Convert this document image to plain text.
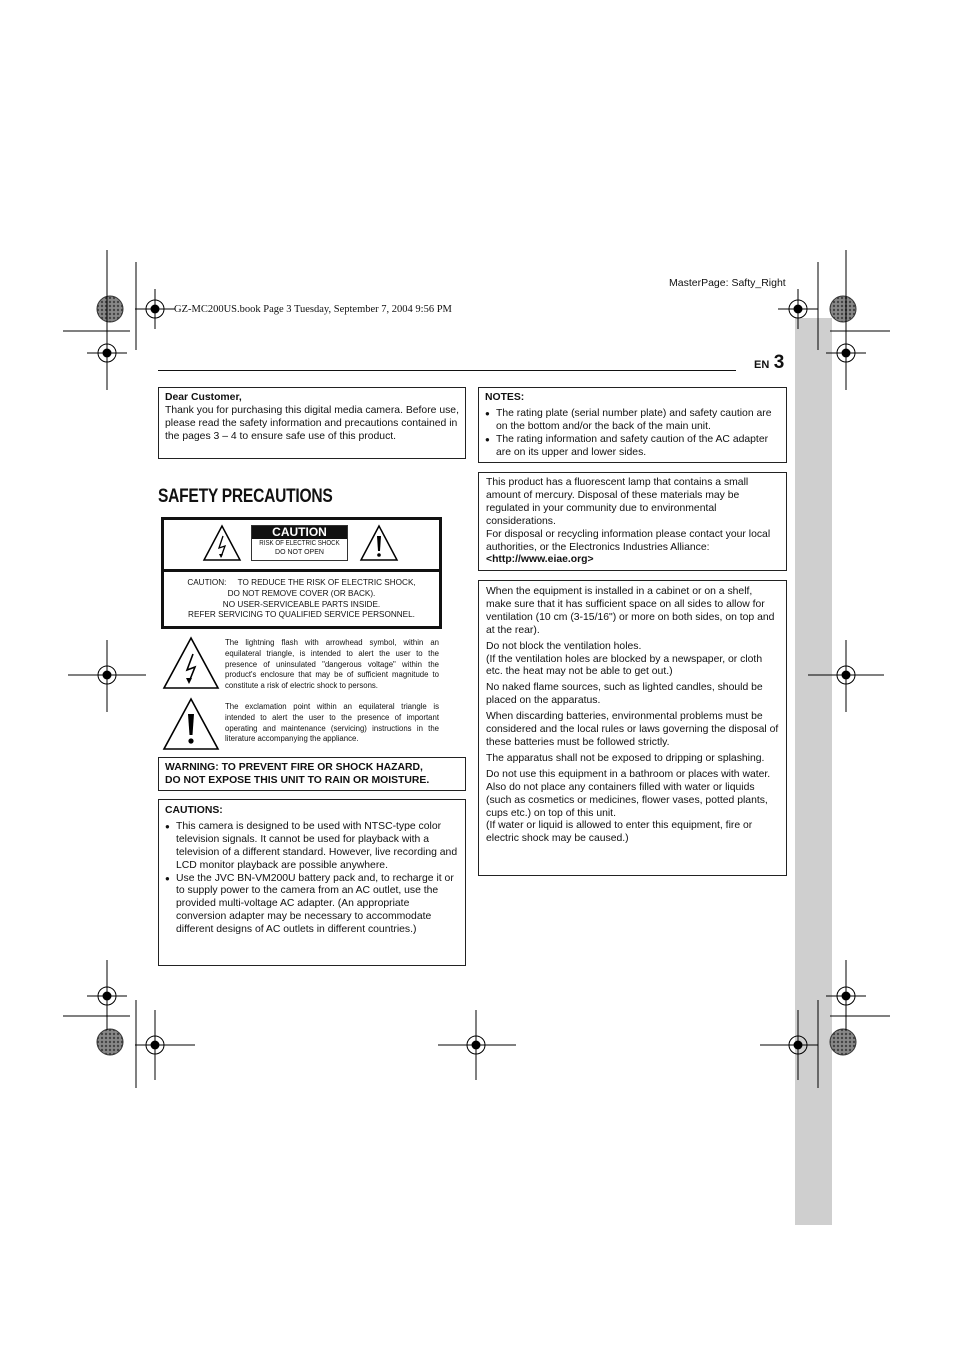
MasterPage: Safty_Right
GZ-MC200US.book Page 3 Tuesday, September 7, 2004 9:56 PM
EN 3

Dear Customer,

Thank you for purchasing this digital media camera. Before use, please read the safety information and precautions contained in the pages 3 – 4 to ensure safe use of this product.

SAFETY PRECAUTIONS
CAUTION
RISK OF ELECTRIC SHOCK
DO NOT OPEN
CAUTION:     TO REDUCE THE RISK OF ELECTRIC SHOCK,
DO NOT REMOVE COVER (OR BACK).
NO USER-SERVICEABLE PARTS INSIDE.
REFER SERVICING TO QUALIFIED SERVICE PERSONNEL.
The lightning flash with arrowhead symbol, within an equilateral triangle, is intended to alert the user to the presence of uninsulated "dangerous voltage" within the product's enclosure that may be of sufficient magnitude to constitute a risk of electric shock to persons.
The exclamation point within an equilateral triangle is intended to alert the user to the presence of important operating and maintenance (servicing) instructions in the literature accompanying the appliance.
WARNING: TO PREVENT FIRE OR SHOCK HAZARD,
DO NOT EXPOSE THIS UNIT TO RAIN OR MOISTURE.

CAUTIONS:

● This camera is designed to be used with NTSC-type color television signals. It cannot be used for playback with a television of a different standard. However, live recording and LCD monitor playback are possible anywhere.

● Use the JVC BN-VM200U battery pack and, to recharge it or to supply power to the camera from an AC outlet, use the provided multi-voltage AC adapter. (An appropriate conversion adapter may be necessary to accommodate different designs of AC outlets in different countries.)

NOTES:

● The rating plate (serial number plate) and safety caution are on the bottom and/or the back of the main unit.

● The rating information and safety caution of the AC adapter are on its upper and lower sides.

This product has a fluorescent lamp that contains a small amount of mercury. Disposal of these materials may be regulated in your community due to environmental considerations.

For disposal or recycling information please contact your local authorities, or the Electronics Industries Alliance:

<http://www.eiae.org>

When the equipment is installed in a cabinet or on a shelf, make sure that it has sufficient space on all sides to allow for ventilation (10 cm (3-15/16") or more on both sides, on top and at the rear).

Do not block the ventilation holes.
(If the ventilation holes are blocked by a newspaper, or cloth etc. the heat may not be able to get out.)

No naked flame sources, such as lighted candles, should be placed on the apparatus.

When discarding batteries, environmental problems must be considered and the local rules or laws governing the disposal of these batteries must be followed strictly.

The apparatus shall not be exposed to dripping or splashing.

Do not use this equipment in a bathroom or places with water.
Also do not place any containers filled with water or liquids (such as cosmetics or medicines, flower vases, potted plants, cups etc.) on top of this unit.
(If water or liquid is allowed to enter this equipment, fire or electric shock may be caused.)
